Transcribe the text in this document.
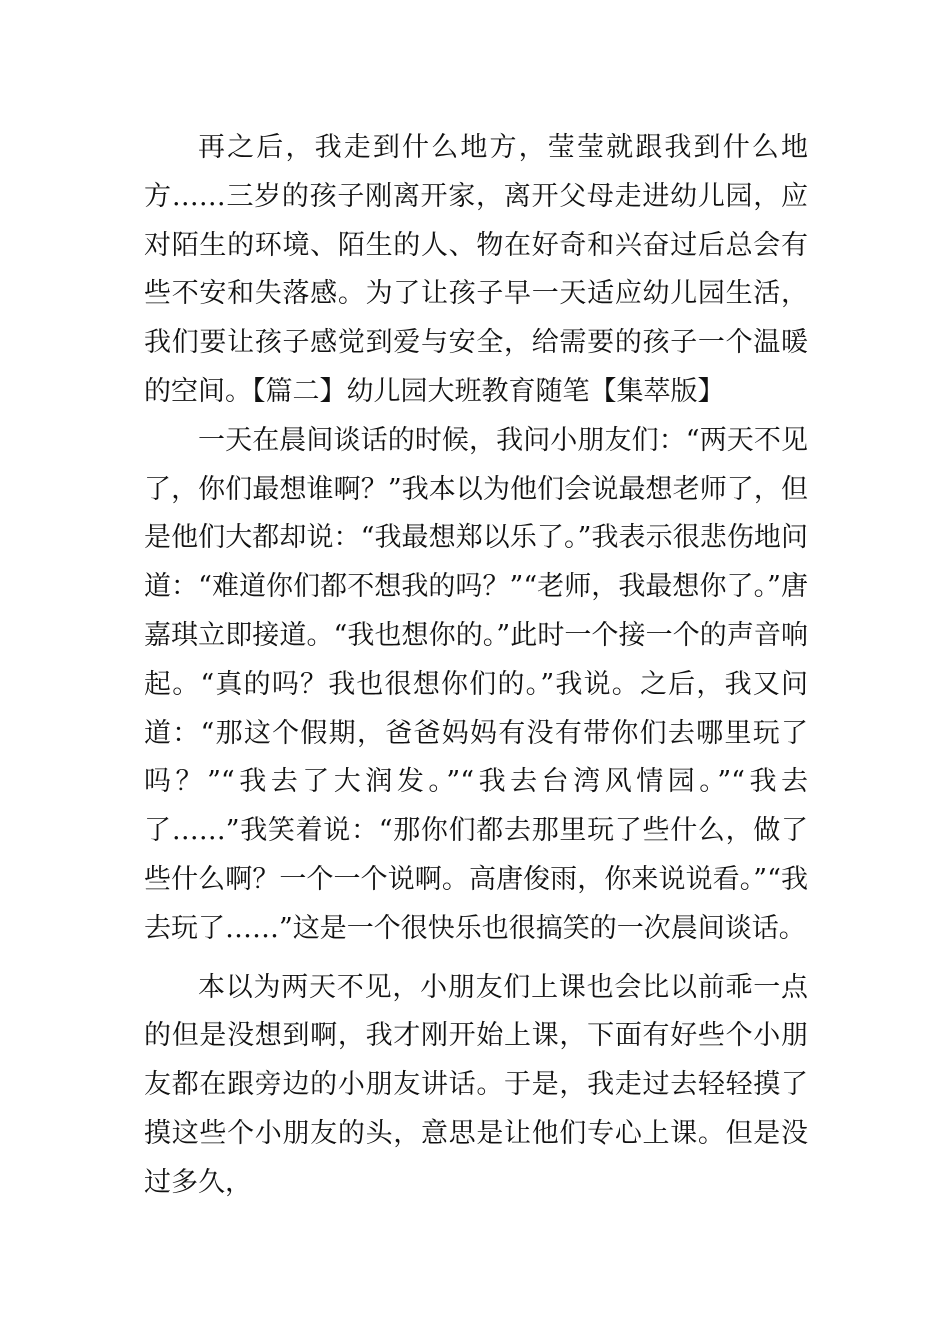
再之后，我走到什么地方，莹莹就跟我到什么地方……三岁的孩子刚离开家，离开父母走进幼儿园，应对陌生的环境、陌生的人、物在好奇和兴奋过后总会有些不安和失落感。为了让孩子早一天适应幼儿园生活，我们要让孩子感觉到爱与安全，给需要的孩子一个温暖的空间。【篇二】幼儿园大班教育随笔【集萃版】

一天在晨间谈话的时候，我问小朋友们：“两天不见了，你们最想谁啊？”我本以为他们会说最想老师了，但是他们大都却说：“我最想郑以乐了。”我表示很悲伤地问道：“难道你们都不想我的吗？”“老师，我最想你了。”唐嘉琪立即接道。“我也想你的。”此时一个接一个的声音响起。“真的吗？我也很想你们的。”我说。之后，我又问道：“那这个假期，爸爸妈妈有没有带你们去哪里玩了吗？”“我去了大润发。”“我去台湾风情园。”“我去了……”我笑着说：“那你们都去那里玩了些什么，做了些什么啊？一个一个说啊。高唐俊雨，你来说说看。”“我去玩了……”这是一个很快乐也很搞笑的一次晨间谈话。

本以为两天不见，小朋友们上课也会比以前乖一点的但是没想到啊，我才刚开始上课，下面有好些个小朋友都在跟旁边的小朋友讲话。于是，我走过去轻轻摸了摸这些个小朋友的头，意思是让他们专心上课。但是没过多久，
